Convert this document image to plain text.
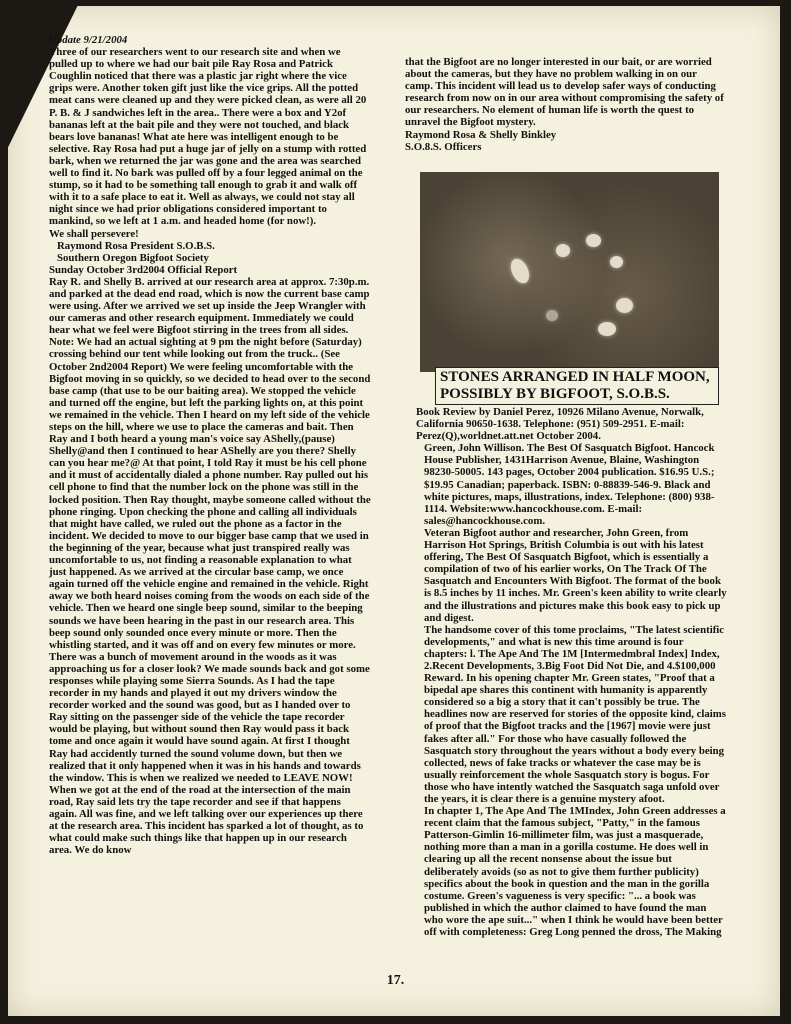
Update 9/21/2004

Three of our researchers went to our research site and when we pulled up to where we had our bait pile Ray Rosa and Patrick Coughlin noticed that there was a plastic jar right where the vice grips were. Another token gift just like the vice grips. All the potted meat cans were cleaned up and they were picked clean, as were all 20 P. B. & J sandwiches left in the area.. There were a box and Y2of bananas left at the bait pile and they were not touched, and black bears love bananas! What ate here was intelligent enough to be selective. Ray Rosa had put a huge jar of jelly on a stump with rotted bark, when we returned the jar was gone and the area was searched well to find it. No bark was pulled off by a four legged animal on the stump, so it had to be something tall enough to grab it and walk off with it to a safe place to eat it. Well as always, we could not stay all night since we had prior obligations considered important to mankind, so we left at 1 a.m. and headed home (for now!).

We shall persevere!

Raymond Rosa President S.O.B.S.

Southern Oregon Bigfoot Society

Sunday October 3rd2004 Official Report

Ray R. and Shelly B. arrived at our research area at approx. 7:30p.m. and parked at the dead end road, which is now the current base camp were using. After we arrived we set up inside the Jeep Wrangler with our cameras and other research equipment. Immediately we could hear what we feel were Bigfoot stirring in the trees from all sides. Note: We had an actual sighting at 9 pm the night before (Saturday) crossing behind our tent while looking out from the truck.. (See October 2nd2004 Report) We were feeling uncomfortable with the Bigfoot moving in so quickly, so we decided to head over to the second base camp (that use to be our baiting area). We stopped the vehicle and turned off the engine, but left the parking lights on, at this point we remained in the vehicle. Then I heard on my left side of the vehicle steps on the hill, where we use to place the cameras and bait. Then Ray and I both heard a young man's voice say AShelly,(pause) Shelly@and then I continued to hear AShelly are you there? Shelly can you hear me?@ At that point, I told Ray it must be his cell phone and it must of accidentally dialed a phone number. Ray pulled out his cell phone to find that the number lock on the phone was still in the locked position. Then Ray thought, maybe someone called without the phone ringing. Upon checking the phone and calling all individuals that might have called, we ruled out the phone as a factor in the incident. We decided to move to our bigger base camp that we used in the beginning of the year, because what just transpired really was uncomfortable to us, not finding a reasonable explanation to what just happened. As we arrived at the circular base camp, we once again turned off the vehicle engine and remained in the vehicle. Right away we both heard noises coming from the woods on each side of the vehicle. Then we heard one single beep sound, similar to the beeping sounds we have been hearing in the past in our research area. This beep sound only sounded once every minute or more. Then the whistling started, and it was off and on every few minutes or more. There was a bunch of movement around in the woods as it was approaching us for a closer look? We made sounds back and got some responses while playing some Sierra Sounds. As I had the tape recorder in my hands and played it out my drivers window the recorder worked and the sound was good, but as I handed over to Ray sitting on the passenger side of the vehicle the tape recorder would be playing, but without sound then Ray would pass it back tome and once again it would have sound again. At first I thought Ray had accidently turned the sound volume down, but then we realized that it only happened when it was in his hands and towards the window. This is when we realized we needed to LEAVE NOW! When we got at the end of the road at the intersection of the main road, Ray said lets try the tape recorder and see if that happens again. All was fine, and we left talking over our experiences up there at the research area. This incident has sparked a lot of thought, as to what could make such things like that happen up in our research area. We do know

that the Bigfoot are no longer interested in our bait, or are worried about the cameras, but they have no problem walking in on our camp. This incident will lead us to develop safer ways of conducting research from now on in our area without compromising the safety of our researchers. No element of human life is worth the quest to unravel the Bigfoot mystery.

Raymond Rosa & Shelly Binkley

S.O.8.S. Officers

STONES ARRANGED IN HALF MOON, POSSIBLY BY BIGFOOT, S.O.B.S.

Book Review by Daniel Perez, 10926 Milano Avenue, Norwalk, California 90650-1638. Telephone: (951) 509-2951. E-mail: Perez(Q),worldnet.att.net October 2004.

Green, John Willison. The Best Of Sasquatch Bigfoot. Hancock House Publisher, 1431Harrison Avenue, Blaine, Washington 98230-50005. 143 pages, October 2004 publication. $16.95 U.S.; $19.95 Canadian; paperback. ISBN: 0-88839-546-9. Black and white pictures, maps, illustrations, index. Telephone: (800) 938-1114. Website:www.hancockhouse.com. E-mail: sales@hancockhouse.com.

Veteran Bigfoot author and researcher, John Green, from Harrison Hot Springs, British Columbia is out with his latest offering, The Best Of Sasquatch Bigfoot, which is essentially a compilation of two of his earlier works, On The Track Of The Sasquatch and Encounters With Bigfoot. The format of the book is 8.5 inches by 11 inches. Mr. Green's keen ability to write clearly and the illustrations and pictures make this book easy to pick up and digest.

The handsome cover of this tome proclaims, "The latest scientific developments," and what is new this time around is four chapters: l. The Ape And The 1M [Intermedmbral Index] Index, 2.Recent Developments, 3.Big Foot Did Not Die, and 4.$100,000 Reward. In his opening chapter Mr. Green states, "Proof that a bipedal ape shares this continent with humanity is apparently considered so a big a story that it can't possibly be true. The headlines now are reserved for stories of the opposite kind, claims of proof that the Bigfoot tracks and the [1967] movie were just fakes after all." For those who have casually followed the Sasquatch story throughout the years without a body every being collected, news of fake tracks or whatever the case may be is usually reinforcement the whole Sasquatch story is bogus. For those who have intently watched the Sasquatch saga unfold over the years, it is clear there is a genuine mystery afoot.

In chapter 1, The Ape And The 1MIndex, John Green addresses a recent claim that the famous subject, "Patty," in the famous Patterson-Gimlin 16-millimeter film, was just a masquerade, nothing more than a man in a gorilla costume. He does well in clearing up all the recent nonsense about the issue but deliberately avoids (so as not to give them further publicity) specifics about the book in question and the man in the gorilla costume. Green's vagueness is very specific: "... a book was published in which the author claimed to have found the man who wore the ape suit..." when I think he would have been better off with completeness: Greg Long penned the dross, The Making

17.
